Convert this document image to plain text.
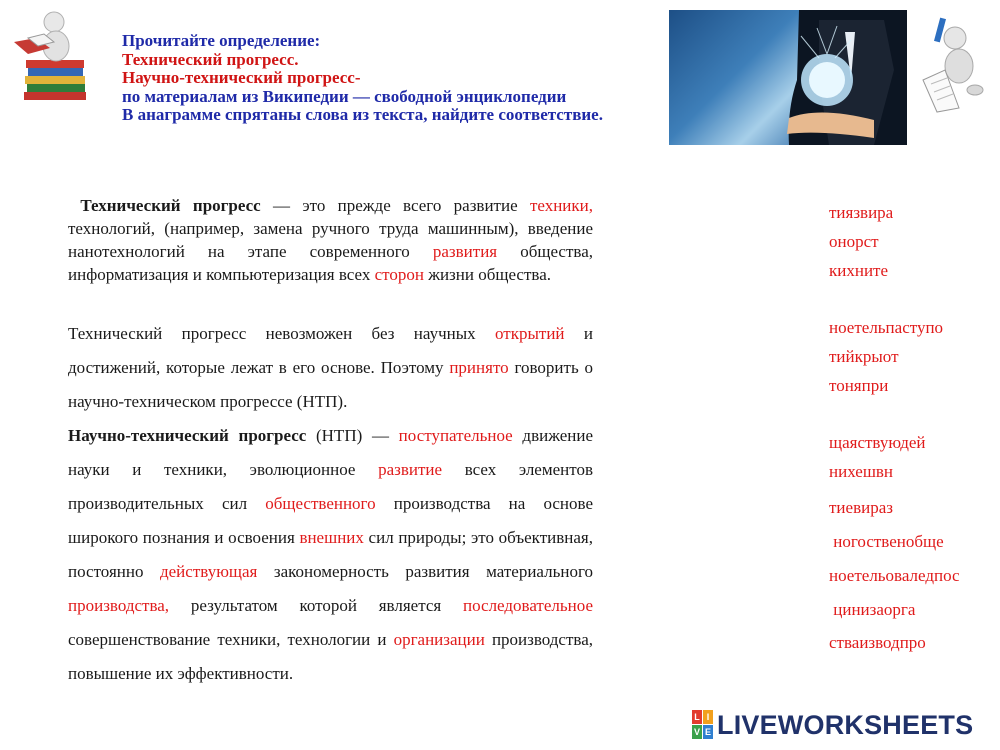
Прочитайте определение:
Технический прогресс.
Научно-технический прогресс-
по материалам из Википедии — свободной энциклопедии
В анаграмме спрятаны слова из текста, найдите соответствие.
Технический прогресс — это прежде всего развитие техники, технологий, (например, замена ручного труда машинным), введение нанотехнологий на этапе современного развития общества, информатизация и компьютеризация всех сторон жизни общества.
Технический прогресс невозможен без научных открытий и достижений, которые лежат в его основе. Поэтому принято говорить о научно-техническом прогрессе (НТП).
Научно-технический прогресс (НТП) — поступательное движение науки и техники, эволюционное развитие всех элементов производительных сил общественного производства на основе широкого познания и освоения внешних сил природы; это объективная, постоянно действующая закономерность развития материального производства, результатом которой является последовательное совершенствование техники, технологии и организации производства, повышение их эффективности.
тиязвира
онорст
кихните
ноетельпаступо
тийкрыот
тоняпри
щаяствуюдей
нихешвн
тиевираз
ногоственобще
ноетельоваледпос
цинизаорга
стваизводпро
L I
V E LIVEWORKSHEETS
